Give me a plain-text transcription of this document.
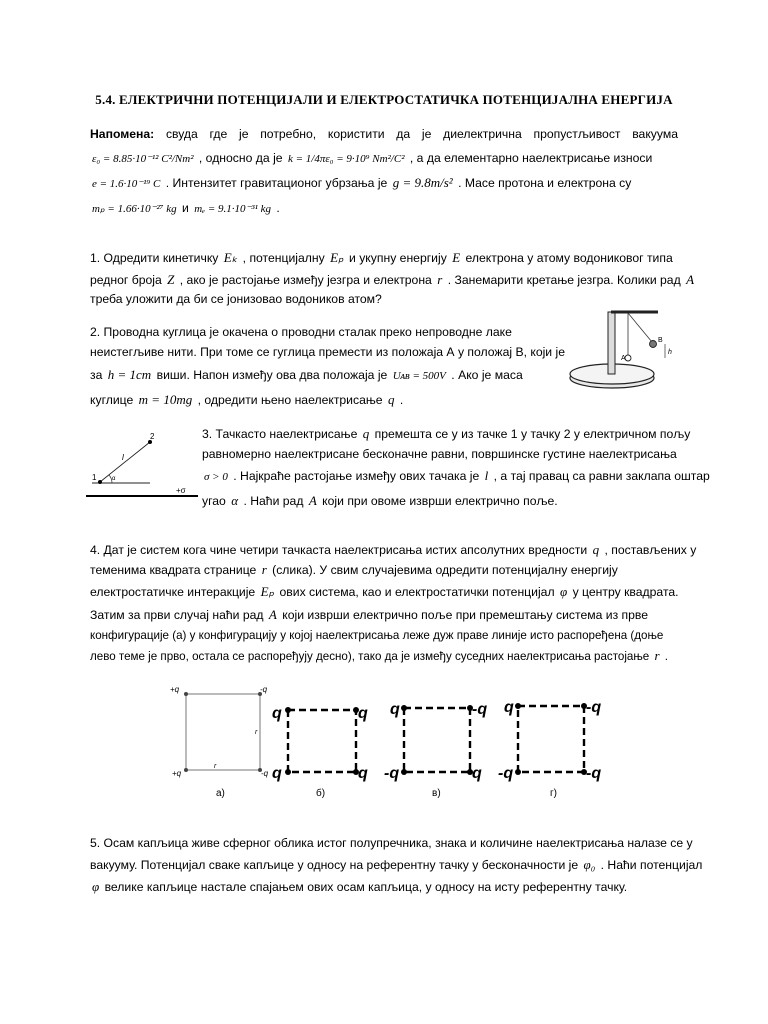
5.4. ЕЛЕКТРИЧНИ ПОТЕНЦИЈАЛИ И ЕЛЕКТРОСТАТИЧКА ПОТЕНЦИЈАЛНА ЕНЕРГИЈА
Напомена: свуда где је потребно, користити да је диелектрична пропустљивост вакуума
ε₀ = 8.85·10⁻¹² C²/Nm² , односно да је k = 1/4πε₀ = 9·10⁹ Nm²/C² , а да елементарно наелектрисање износи
e = 1.6·10⁻¹⁹ C . Интензитет гравитационог убрзања је g = 9.8m/s² . Масе протона и електрона су
mₚ = 1.66·10⁻²⁷ kg и mₑ = 9.1·10⁻³¹ kg .
1. Одредити кинетичку Eₖ , потенцијалну Eₚ и укупну енергију E електрона у атому водониковог типа
редног броја Z , ако је растојање између језгра и електрона r . Занемарити кретање језгра. Колики рад A
треба уложити да би се јонизовао водоников атом?
2. Проводна куглица је окачена о проводни сталак преко непроводне лаке
нeистегљиве нити. При томе се гуглица премести из положаја А у положај В, који је
за h = 1cm виши. Напон између ова два положаја је Uᴀʙ = 500V . Ако је маса
куглице m = 10mg , одредити њено наелектрисање q .
A
B
h
3. Тачкасто наелектрисање q премешта се у из тачке 1 у тачку 2 у електричном пољу
равномерно наелектрисане бесконачне равни, површинске густине наелектрисања
σ > 0 . Најкраће растојање између ових тачака је l , а тај правац са равни заклапа оштар
угао α . Наћи рад A који при овоме изврши електрично поље.
1
2
l
α
+σ
4. Дат је систем кога чине четири тачкаста наелектрисања истих апсолутних вредности q , постављених у
теменима квадрата странице r (слика). У свим случајевима одредити потенцијалну енергију
електростатичке интеракције Eₚ ових система, као и електростатички потенцијал φ у центру квадрата.
Затим за први случај наћи рад A који изврши електрично поље при премештању система из прве
конфигурације (а) у конфигурацију у којој наелектрисања леже дуж праве линије исто распоређена (доње
лево теме је прво, остала се распоређују десно), тако да је између суседних наелектрисања растојање r .
+q	-q
+q	-q
r
r
а)
q	q
q	q
б)
q	-q
-q	q
в)
q	-q
-q	-q
г)
5. Осам капљица живе сферног облика истог полупречника, знака и количине наелектрисања налазе се у
вакууму. Потенцијал сваке капљице у односу на референтну тачку у бесконачности је φ₀ . Наћи потенцијал
φ велике капљице настале спајањем ових осам капљица, у односу на исту референтну тачку.
